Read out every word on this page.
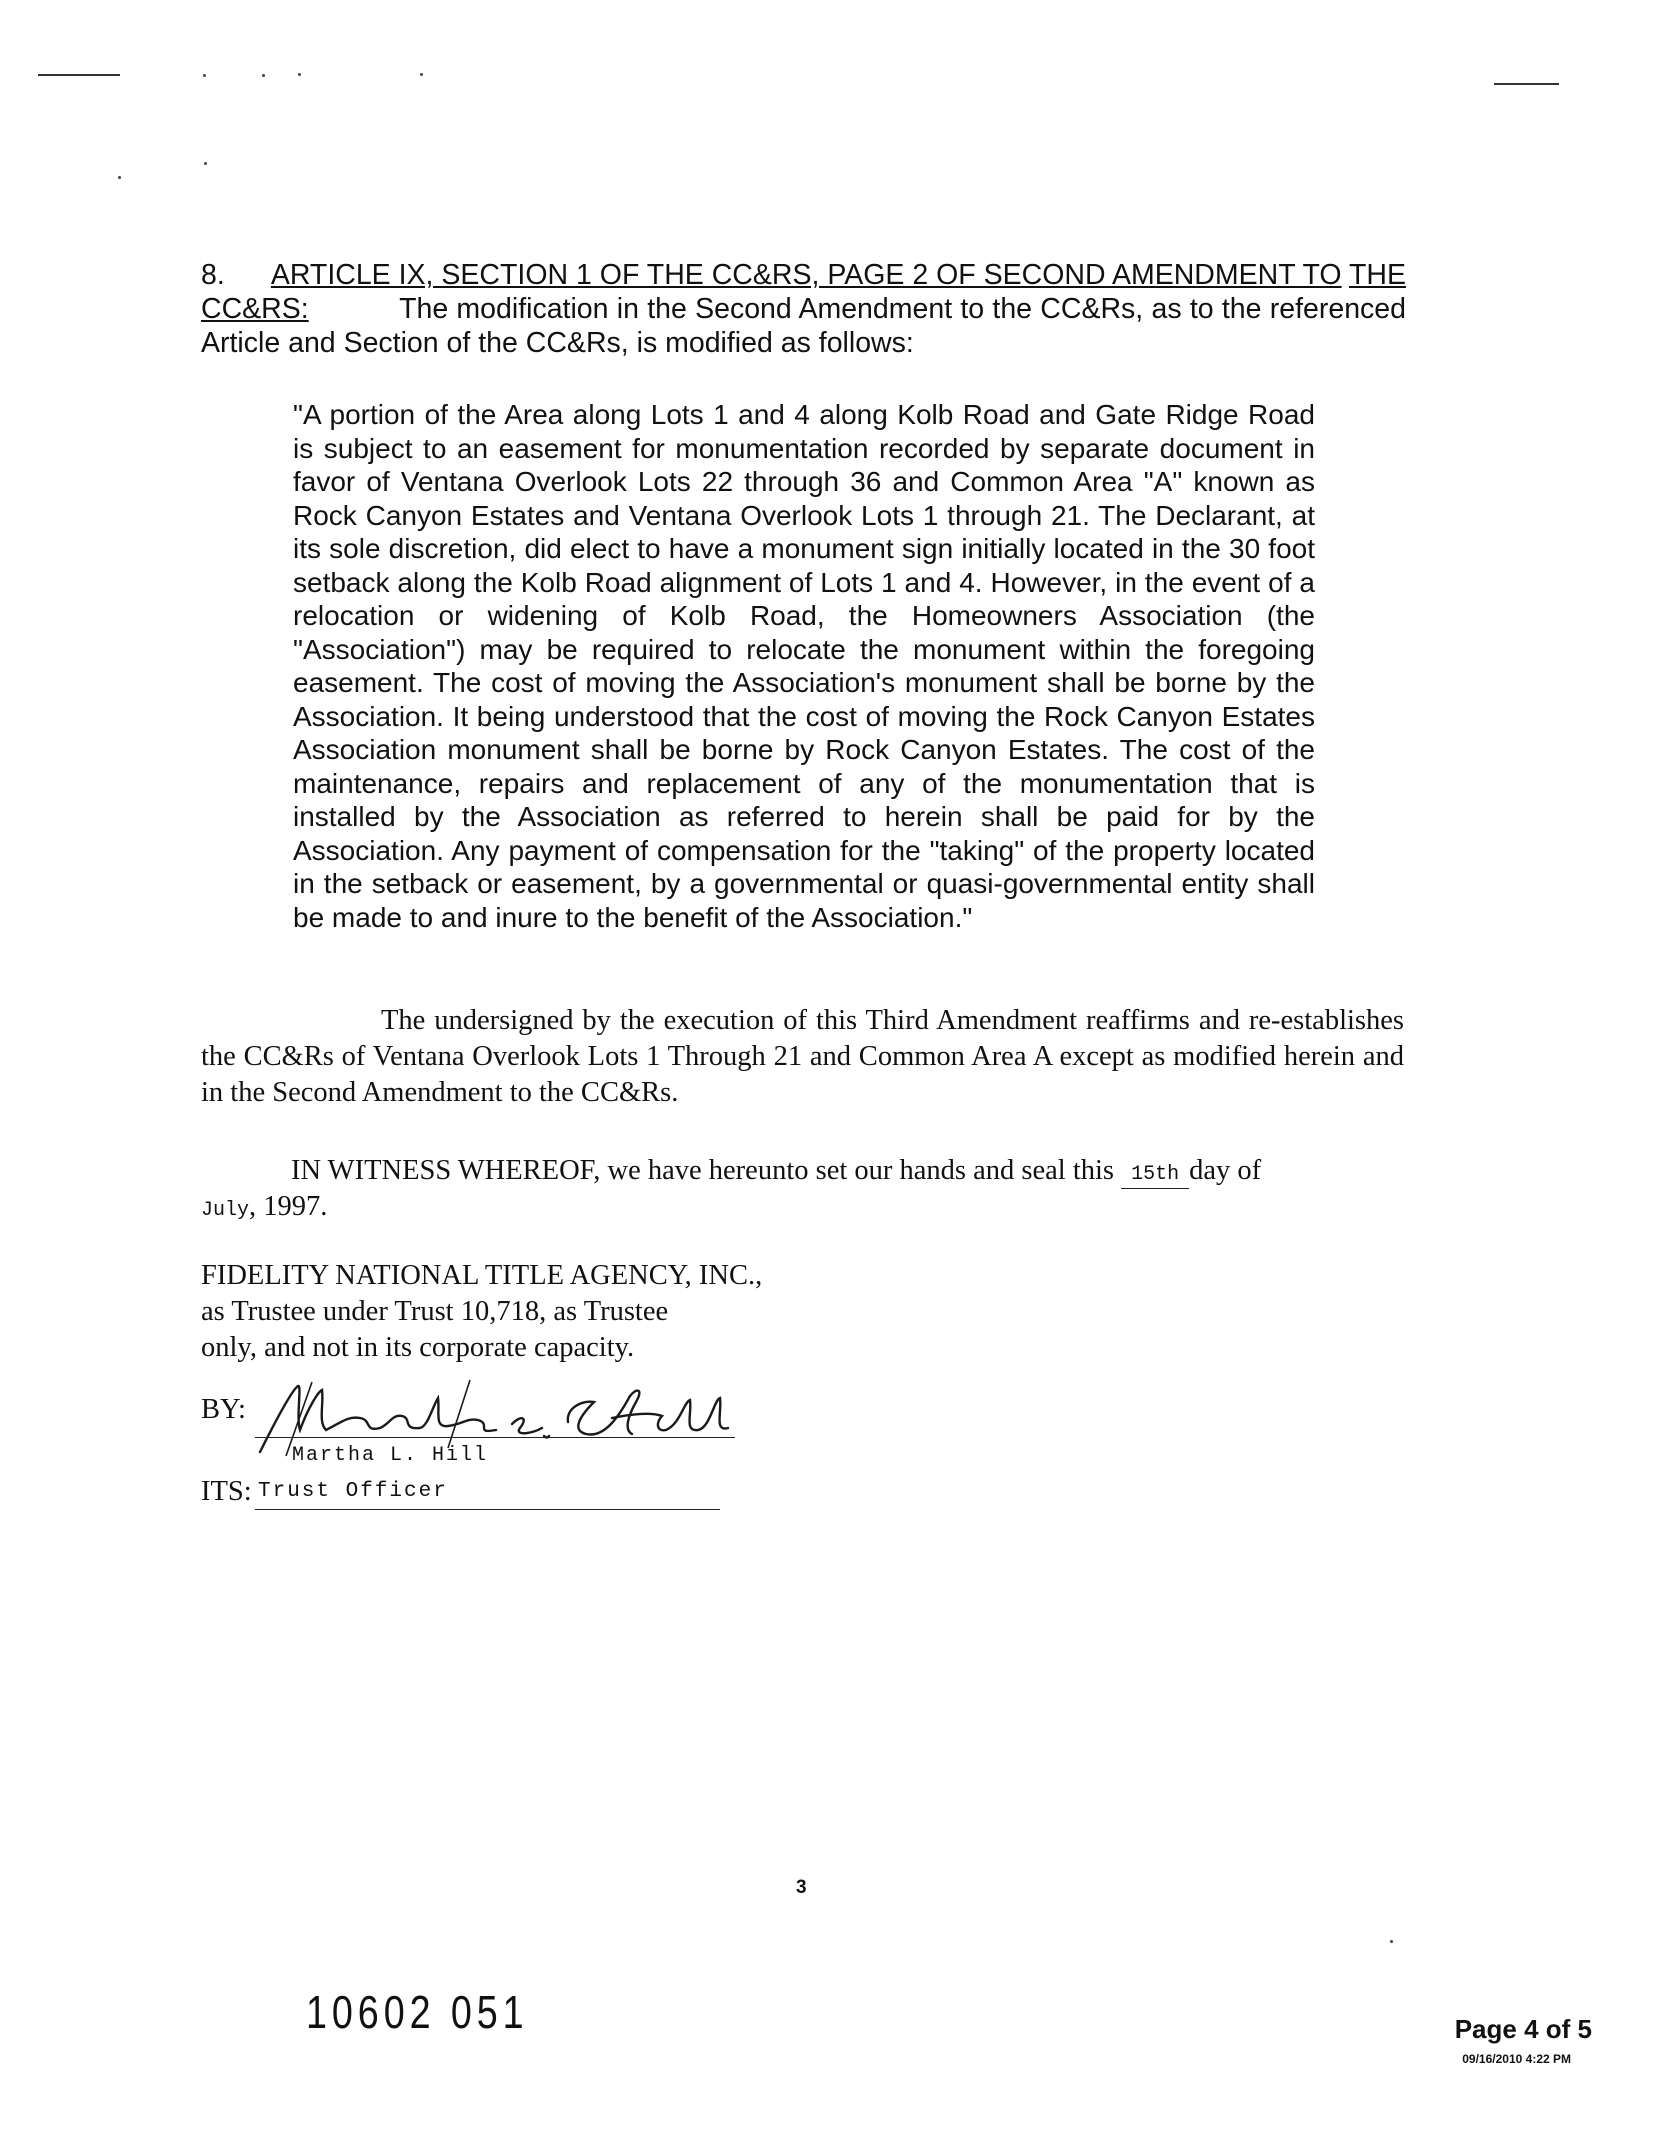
8. ARTICLE IX, SECTION 1 OF THE CC&RS, PAGE 2 OF SECOND AMENDMENT TO THE CC&RS:	The modification in the Second Amendment to the CC&Rs, as to the referenced Article and Section of the CC&Rs, is modified as follows:
"A portion of the Area along Lots 1 and 4 along Kolb Road and Gate Ridge Road is subject to an easement for monumentation recorded by separate document in favor of Ventana Overlook Lots 22 through 36 and Common Area "A" known as Rock Canyon Estates and Ventana Overlook Lots 1 through 21. The Declarant, at its sole discretion, did elect to have a monument sign initially located in the 30 foot setback along the Kolb Road alignment of Lots 1 and 4. However, in the event of a relocation or widening of Kolb Road, the Homeowners Association (the "Association") may be required to relocate the monument within the foregoing easement. The cost of moving the Association's monument shall be borne by the Association. It being understood that the cost of moving the Rock Canyon Estates Association monument shall be borne by Rock Canyon Estates. The cost of the maintenance, repairs and replacement of any of the monumentation that is installed by the Association as referred to herein shall be paid for by the Association. Any payment of compensation for the "taking" of the property located in the setback or easement, by a governmental or quasi-governmental entity shall be made to and inure to the benefit of the Association."
The undersigned by the execution of this Third Amendment reaffirms and re-establishes the CC&Rs of Ventana Overlook Lots 1 Through 21 and Common Area A except as modified herein and in the Second Amendment to the CC&Rs.
IN WITNESS WHEREOF, we have hereunto set our hands and seal this 15th day of
July, 1997.
FIDELITY NATIONAL TITLE AGENCY, INC.,
as Trustee under Trust 10,718, as Trustee
only, and not in its corporate capacity.
BY:
Martha L. Hill
ITS: Trust Officer
3
10602 051	Page 4 of 5
09/16/2010 4:22 PM
